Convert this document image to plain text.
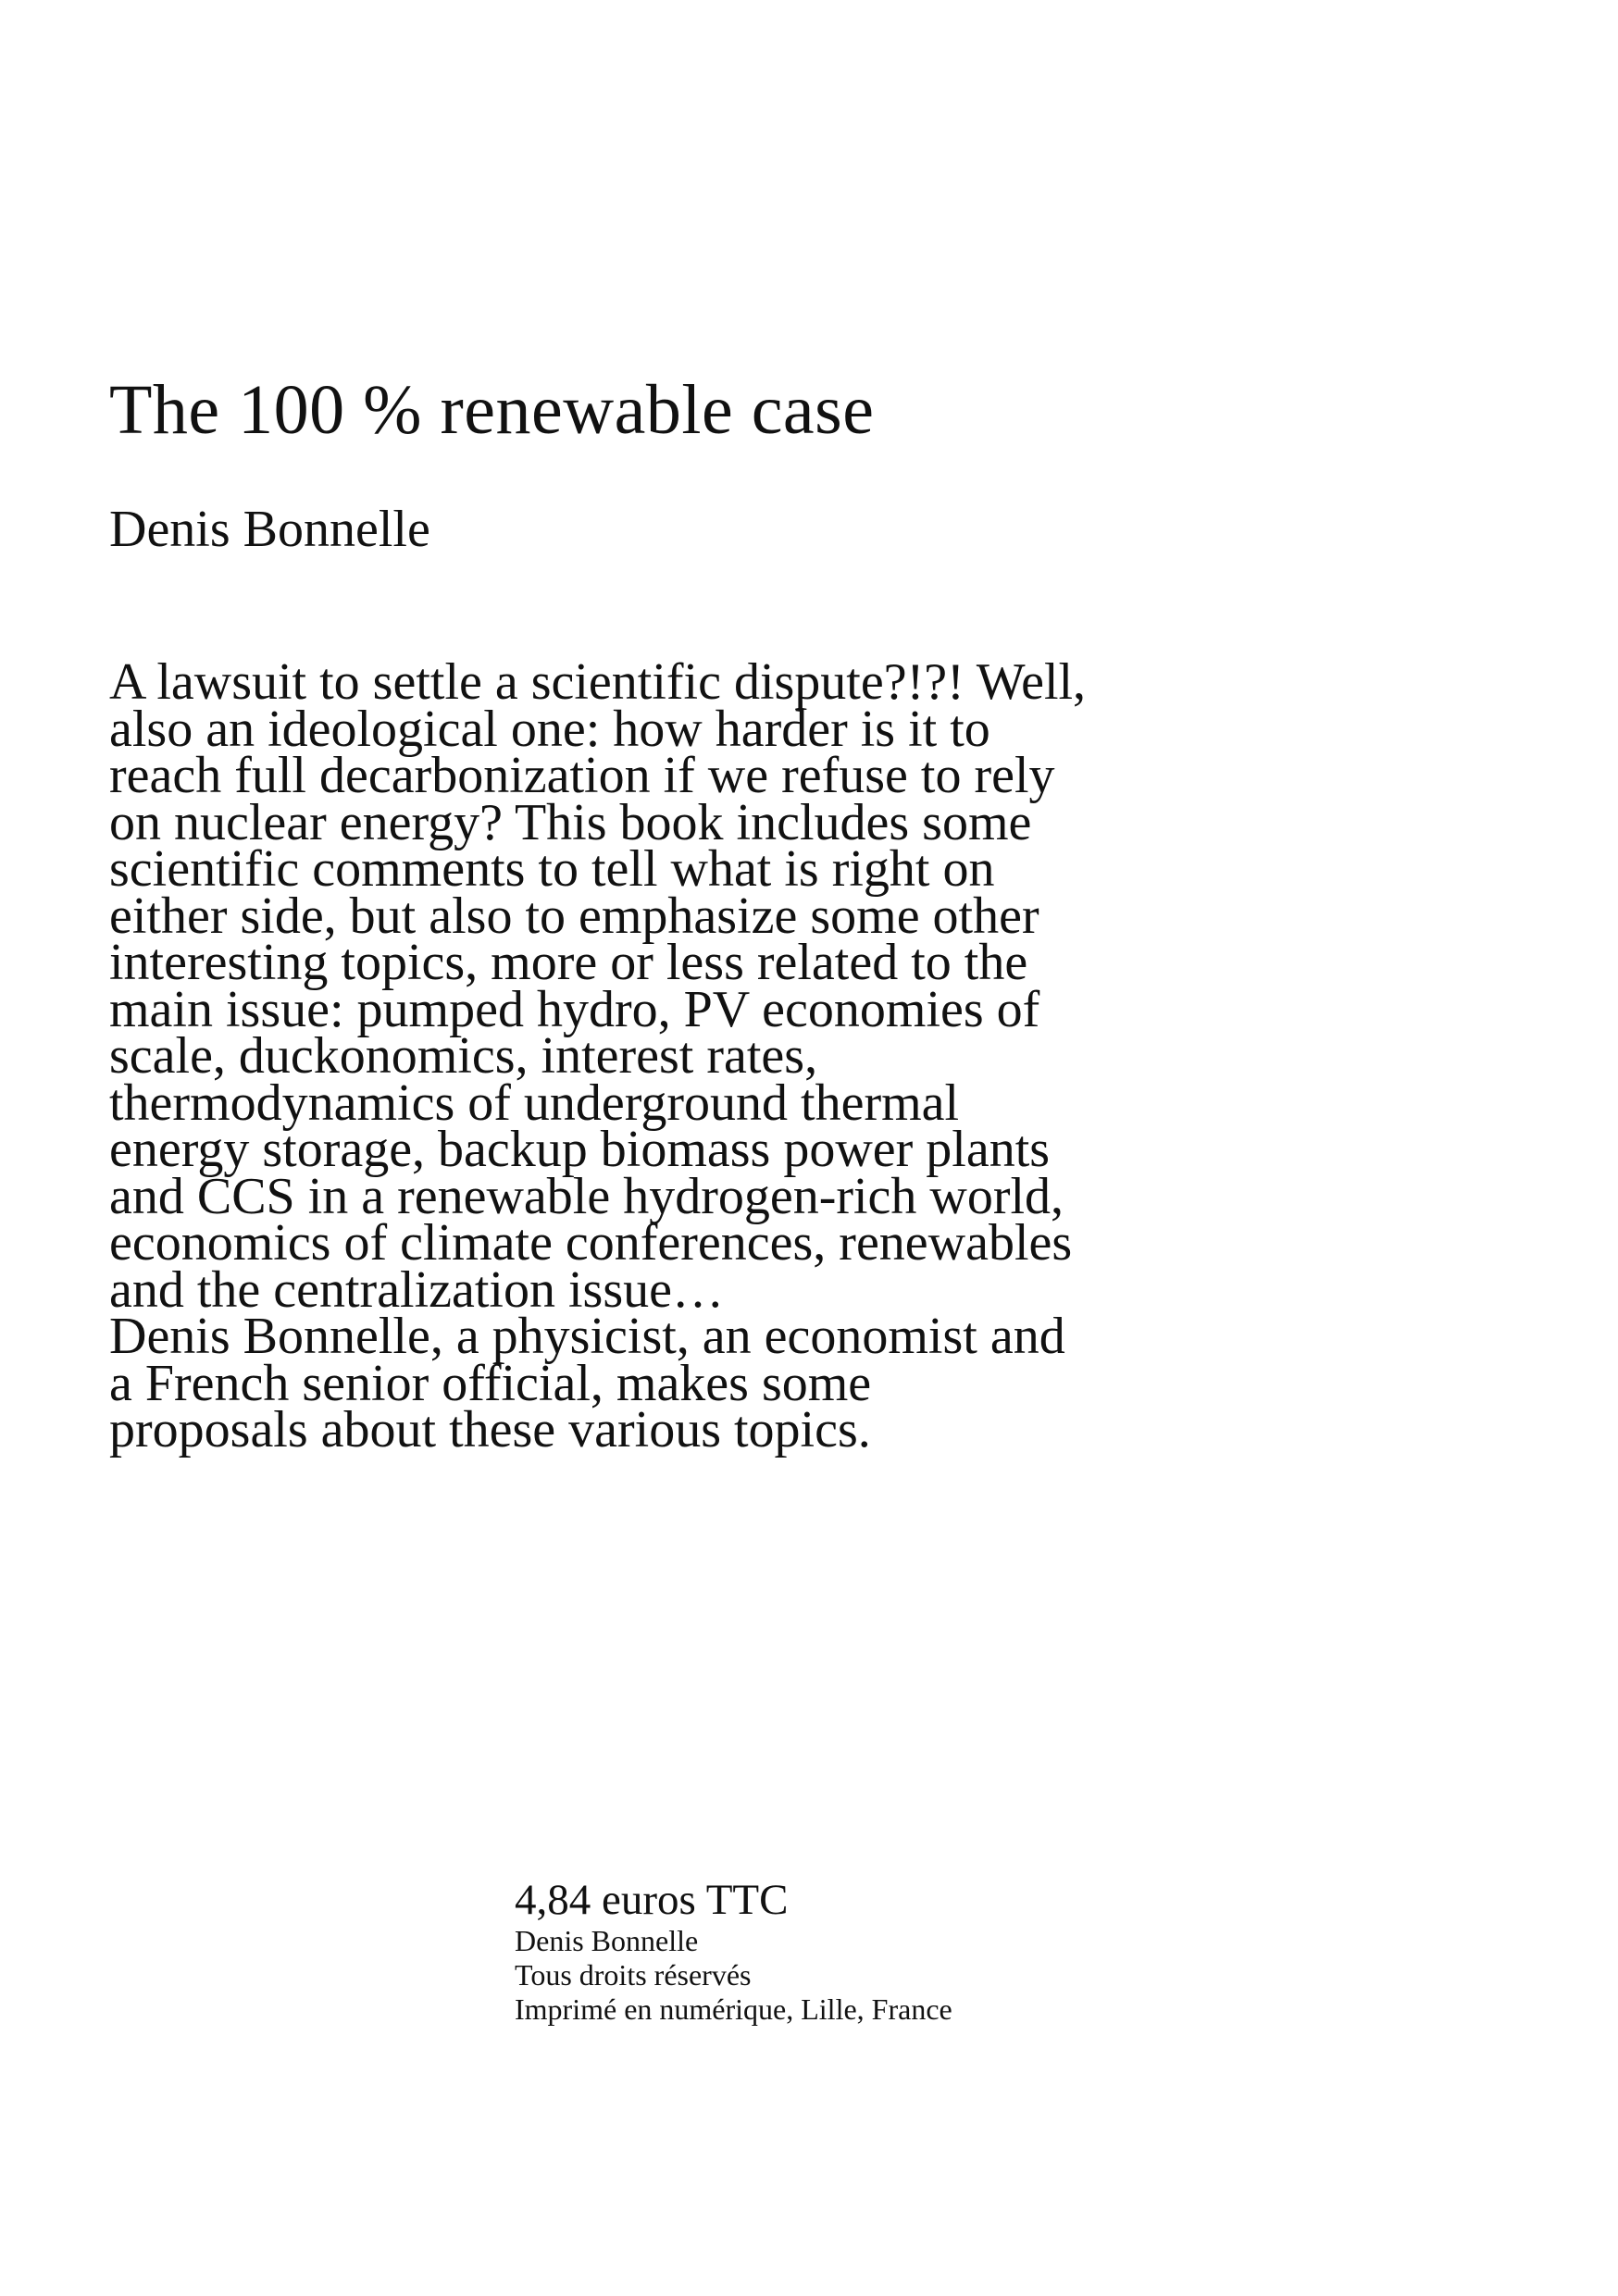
The 100 % renewable case
Denis Bonnelle

A lawsuit to settle a scientific dispute?!?! Well,
also an ideological one: how harder is it to
reach full decarbonization if we refuse to rely
on nuclear energy? This book includes some
scientific comments to tell what is right on
either side, but also to emphasize some other
interesting topics, more or less related to the
main issue: pumped hydro, PV economies of
scale, duckonomics, interest rates,
thermodynamics of underground thermal
energy storage, backup biomass power plants
and CCS in a renewable hydrogen-rich world,
economics of climate conferences, renewables
and the centralization issue…
Denis Bonnelle, a physicist, an economist and
a French senior official, makes some
proposals about these various topics.

4,84 euros TTC

Denis Bonnelle
Tous droits réservés
Imprimé en numérique, Lille, France
